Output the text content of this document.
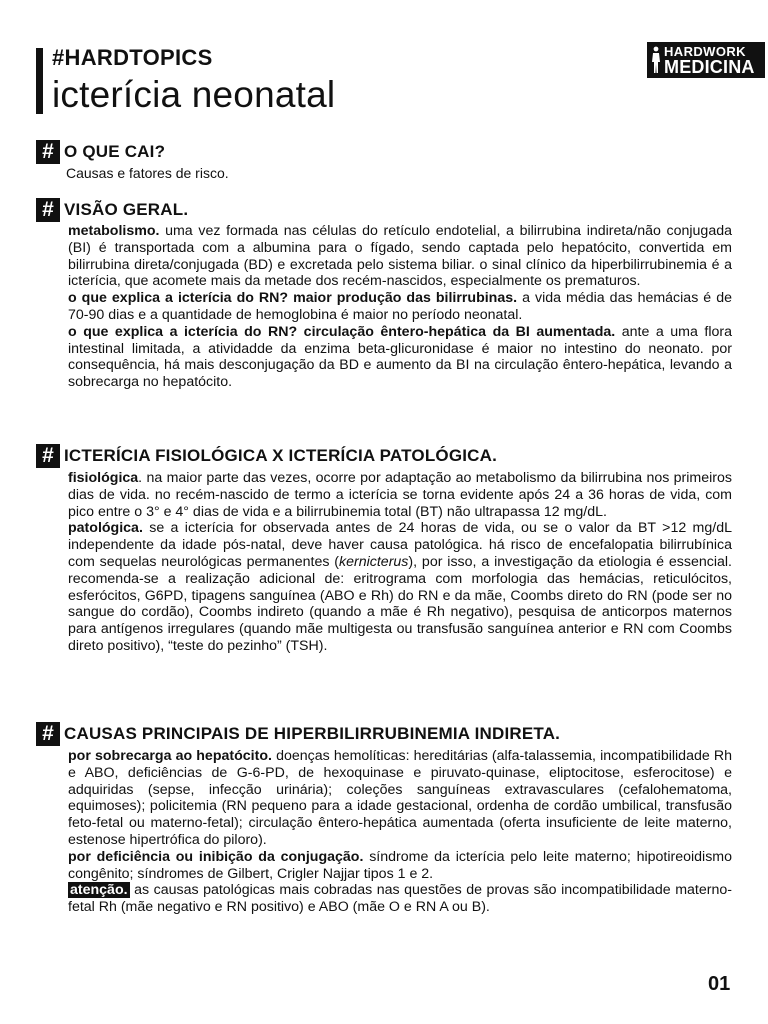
#HARDTOPICS
icterícia neonatal
HARDWORK
MEDICINA
# O QUE CAI?
Causas e fatores de risco.
# VISÃO GERAL.

metabolismo. uma vez formada nas células do retículo endotelial, a bilirrubina indireta/não conjugada (BI) é transportada com a albumina para o fígado, sendo captada pelo hepatócito, convertida em bilirrubina direta/conjugada (BD) e excretada pelo sistema biliar. o sinal clínico da hiperbilirrubinemia é a icterícia, que acomete mais da metade dos recém-nascidos, especialmente os prematuros.

o que explica a icterícia do RN? maior produção das bilirrubinas. a vida média das hemácias é de 70-90 dias e a quantidade de hemoglobina é maior no período neonatal.

o que explica a icterícia do RN? circulação êntero-hepática da BI aumentada. ante a uma flora intestinal limitada, a atividadde da enzima beta-glicuronidase é maior no intestino do neonato. por consequência, há mais desconjugação da BD e aumento da BI na circulação êntero-hepática, levando a sobrecarga no hepatócito.

# ICTERÍCIA FISIOLÓGICA X ICTERÍCIA PATOLÓGICA.

fisiológica. na maior parte das vezes, ocorre por adaptação ao metabolismo da bilirrubina nos primeiros dias de vida. no recém-nascido de termo a icterícia se torna evidente após 24 a 36 horas de vida, com pico entre o 3° e 4° dias de vida e a bilirrubinemia total (BT) não ultrapassa 12 mg/dL.

patológica. se a icterícia for observada antes de 24 horas de vida, ou se o valor da BT >12 mg/dL independente da idade pós-natal, deve haver causa patológica. há risco de encefalopatia bilirrubínica com sequelas neurológicas permanentes (kernicterus), por isso, a investigação da etiologia é essencial. recomenda-se a realização adicional de: eritrograma com morfologia das hemácias, reticulócitos, esferócitos, G6PD, tipagens sanguínea (ABO e Rh) do RN e da mãe, Coombs direto do RN (pode ser no sangue do cordão), Coombs indireto (quando a mãe é Rh negativo), pesquisa de anticorpos maternos para antígenos irregulares (quando mãe multigesta ou transfusão sanguínea anterior e RN com Coombs direto positivo), “teste do pezinho” (TSH).

# CAUSAS PRINCIPAIS DE HIPERBILIRRUBINEMIA INDIRETA.

por sobrecarga ao hepatócito. doenças hemolíticas: hereditárias (alfa-talassemia, incompatibilidade Rh e ABO, deficiências de G-6-PD, de hexoquinase e piruvato-quinase, eliptocitose, esferocitose) e adquiridas (sepse, infecção urinária); coleções sanguíneas extravasculares (cefalohematoma, equimoses); policitemia (RN pequeno para a idade gestacional, ordenha de cordão umbilical, transfusão feto-fetal ou materno-fetal); circulação êntero-hepática aumentada (oferta insuficiente de leite materno, estenose hipertrófica do piloro).

por deficiência ou inibição da conjugação. síndrome da icterícia pelo leite materno; hipotireoidismo congênito; síndromes de Gilbert, Crigler Najjar tipos 1 e 2.

atenção. as causas patológicas mais cobradas nas questões de provas são incompatibilidade materno-fetal Rh (mãe negativo e RN positivo) e ABO (mãe O e RN A ou B).

01
